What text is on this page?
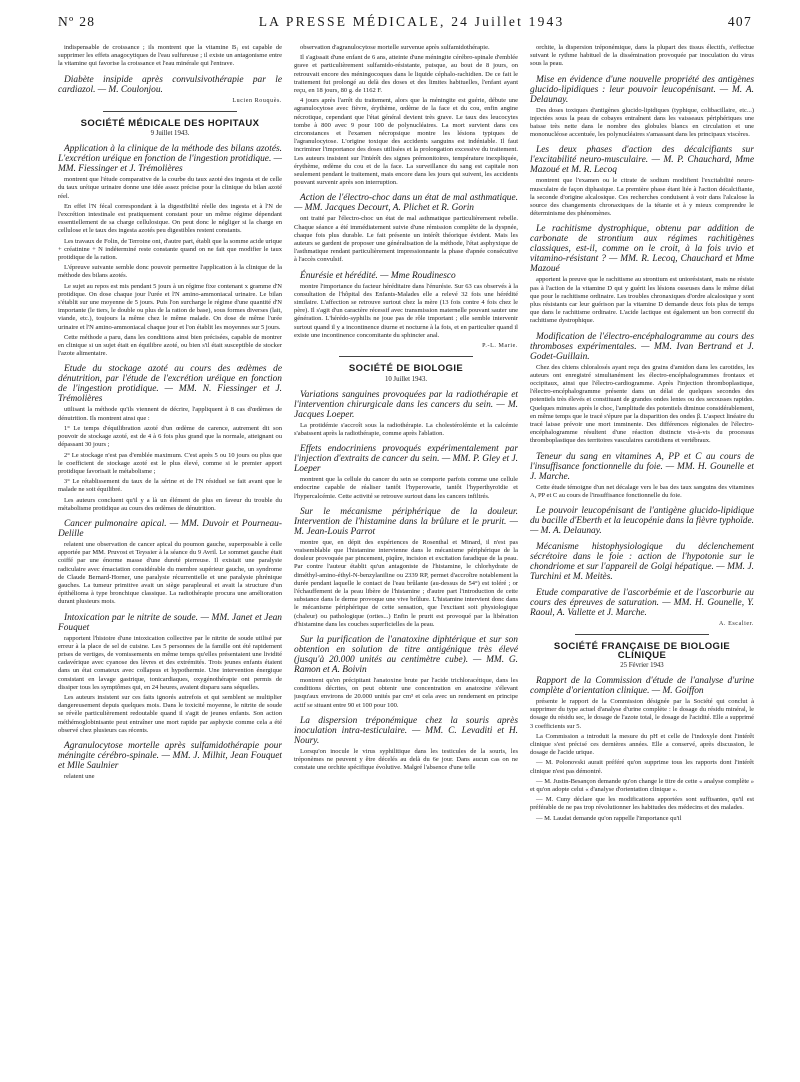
Nº 28	LA PRESSE MÉDICALE, 24 Juillet 1943	407

indispensable de croissance ; ils montrent que la vitamine B₁ est capable de supprimer les effets anagocytiques de l'eau sulfureuse ; il existe un antagonisme entre la vitamine qui favorise la croissance et l'eau minérale qui l'entrave.

Diabète insipide après convulsivothérapie par le cardiazol. — M. Coulonjou.

Lucien Rouquès.

SOCIÉTÉ MÉDICALE DES HOPITAUX

9 Juillet 1943.

Application à la clinique de la méthode des bilans azotés. L'excrétion uréique en fonction de l'ingestion protidique. — MM. Fiessinger et J. Trémolières

montrent que l'étude comparative de la courbe du taux azoté des ingesta et de celle du taux uréique urinaire donne une idée assez précise pour la clinique du bilan azoté réel.

En effet l'N fécal correspondant à la digestibilité réelle des ingesta et à l'N de l'excrétion intestinale est pratiquement constant pour un même régime dépendant essentiellement de sa charge cellulosique. On peut donc le négliger si la charge en cellulose et le taux des ingesta azotés peu digestibles restent constants.

Les travaux de Folin, de Terroine ont, d'autre part, établi que la somme acide urique + créatinine + N indéterminé reste constante quand on ne fait que modifier le taux protidique de la ration.

L'épreuve suivante semble donc pouvoir permettre l'application à la clinique de la méthode des bilans azotés.

Le sujet au repos est mis pendant 5 jours à un régime fixe contenant x gramme d'N protidique. On dose chaque jour l'urée et l'N amino-ammoniacal urinaire. Le bilan s'établit sur une moyenne de 5 jours. Puis l'on surcharge le régime d'une quantité d'N importante (le tiers, le double ou plus de la ration de base), sous formes diverses (lait, viande, etc.), toujours la même chez le même malade. On dose de même l'urée urinaire et l'N amino-ammoniacal chaque jour et l'on établit les moyennes sur 5 jours.

Cette méthode a paru, dans les conditions ainsi bien précisées, capable de montrer en clinique si un sujet était en équilibre azoté, ou bien s'il était susceptible de stocker l'azote alimentaire.

Etude du stockage azoté au cours des œdèmes de dénutrition, par l'étude de l'excrétion uréique en fonction de l'ingestion protidique. — MM. N. Fiessinger et J. Trémolières

utilisant la méthode qu'ils viennent de décrire, l'appliquent à 8 cas d'œdèmes de dénutrition. Ils montrent ainsi que :

1° Le temps d'équilibration azoté d'un œdème de carence, autrement dit son pouvoir de stockage azoté, est de 4 à 6 fois plus grand que la normale, atteignant ou dépassant 30 jours ;

2° Le stockage n'est pas d'emblée maximum. C'est après 5 ou 10 jours ou plus que le coefficient de stockage azoté est le plus élevé, comme si le premier apport protidique favorisait le métabolisme ;

3° Le rétablissement du taux de la sérine et de l'N résiduel se fait avant que le malade ne soit équilibré.

Les auteurs concluent qu'il y a là un élément de plus en faveur du trouble du métabolisme protidique au cours des œdèmes de dénutrition.

Cancer pulmonaire apical. — MM. Duvoir et Pourneau-Delille

relatent une observation de cancer apical du poumon gauche, superposable à celle apportée par MM. Pruvost et Teyssier à la séance du 9 Avril. Le sommet gauche était coiffé par une énorme masse d'une dureté pierreuse. Il existait une paralysie radiculaire avec émaciation considérable du membre supérieur gauche, un syndrome de Claude Bernard-Horner, une paralysie récurrentielle et une paralysie phrénique gauches. La tumeur primitive avait un siège parapleural et avait la structure d'un épithélioma à type bronchique classique. La radiothérapie procura une amélioration durant plusieurs mois.

Intoxication par le nitrite de soude. — MM. Janet et Jean Fouquet

rapportent l'histoire d'une intoxication collective par le nitrite de soude utilisé par erreur à la place de sel de cuisine. Les 5 personnes de la famille ont été rapidement prises de vertiges, de vomissements en même temps qu'elles présentaient une lividité cadavérique avec cyanose des lèvres et des extrémités. Trois jeunes enfants étaient dans un état comateux avec collapsus et hypothermie. Une intervention énergique consistant en lavage gastrique, tonicardiaques, oxygénothérapie ont permis de dissiper tous les symptômes qui, en 24 heures, avaient disparu sans séquelles.

Les auteurs insistent sur ces faits ignorés autrefois et qui semblent se multiplier dangereusement depuis quelques mois. Dans le toxicité moyenne, le nitrite de soude se révèle particulièrement redoutable quand il s'agit de jeunes enfants. Son action méthémoglobinisante peut entraîner une mort rapide par asphyxie comme cela a été observé chez plusieurs cas récents.

Agranulocytose mortelle après sulfamidothérapie pour méningite cérébro-spinale. — MM. J. Milhit, Jean Fouquet et Mlle Saulnier

relatent une

observation d'agranulocytose mortelle survenue après sulfamidothérapie.

Il s'agissait d'une enfant de 6 ans, atteinte d'une méningite cérébro-spinale d'emblée grave et particulièrement sulfamido-résistante, puisque, au bout de 8 jours, on retrouvait encore des méningocoques dans le liquide céphalo-rachidien. De ce fait le traitement fut prolongé au delà des doses et des limites habituelles, l'enfant ayant reçu, en 18 jours, 80 g. de 1162 F.

4 jours après l'arrêt du traitement, alors que la méningite est guérie, débute une agranulocytose avec fièvre, érythème, œdème de la face et du cou, enfin angine nécrotique, cependant que l'état général devient très grave. Le taux des leucocytes tombe à 800 avec 9 pour 100 de polynucléaires. La mort survient dans ces circonstances et l'examen nécropsique montre les lésions typiques de l'agranulocytose. L'origine toxique des accidents sanguins est indéniable. Il faut incriminer l'importance des doses utilisées et la prolongation excessive du traitement. Les auteurs insistent sur l'intérêt des signes prémonitoires, température inexpliquée, érythème, œdème du cou et de la face. La surveillance du sang est capitale non seulement pendant le traitement, mais encore dans les jours qui suivent, les accidents pouvant survenir après son interruption.

Action de l'électro-choc dans un état de mal asthmatique. — MM. Jacques Decourt, A. Plichet et R. Gorin

ont traité par l'électro-choc un état de mal asthmatique particulièrement rebelle. Chaque séance a été immédiatement suivie d'une rémission complète de la dyspnée, chaque fois plus durable. Le fait présente un intérêt théorique évident. Mais les auteurs se gardent de proposer une généralisation de la méthode, l'état asphyxique de l'asthmatique rendant particulièrement impressionnante la phase d'apnée consécutive à l'accès convulsif.

Énurésie et hérédité. — Mme Roudinesco

montre l'importance du facteur héréditaire dans l'énurésie. Sur 63 cas observés à la consultation de l'hôpital des Enfants-Malades elle a relevé 32 fois une hérédité similaire. L'affection se retrouve surtout chez la mère (13 fois contre 4 fois chez le père). Il s'agit d'un caractère récessif avec transmission maternelle pouvant sauter une génération. L'hérédo-syphilis ne joue pas de rôle important ; elle semble intervenir surtout quand il y a incontinence diurne et nocturne à la fois, et en particulier quand il existe une incontinence concomitante du sphincter anal.

P.-L. Marie.

SOCIÉTÉ DE BIOLOGIE

10 Juillet 1943.

Variations sanguines provoquées par la radiothérapie et l'intervention chirurgicale dans les cancers du sein. — M. Jacques Loeper.

La protidémie s'accroît sous la radiothérapie. La cholestérolémie et la calcémie s'abaissent après la radiothérapie, comme après l'ablation.

Effets endocriniens provoqués expérimentalement par l'injection d'extraits de cancer du sein. — MM. P. Gley et J. Loeper

montrent que la cellule du cancer du sein se comporte parfois comme une cellule endocrine capable de réaliser tantôt l'hyperovarie, tantôt l'hyperthyroïdie et l'hypercalcémie. Cette activité se retrouve surtout dans les cancers infiltrés.

Sur le mécanisme périphérique de la douleur. Intervention de l'histamine dans la brûlure et le prurit. — M. Jean-Louis Parrot

montre que, en dépit des expériences de Rosenthal et Minard, il n'est pas vraisemblable que l'histamine intervienne dans le mécanisme périphérique de la douleur provoquée par pincement, piqûre, incision et excitation faradique de la peau. Par contre l'auteur établit qu'un antagoniste de l'histamine, le chlorhydrate de diméthyl-amino-éthyl-N-benzylaniline ou 2339 RP, permet d'accroître notablement la durée pendant laquelle le contact de l'eau brûlante (au-dessus de 54°) est toléré ; or l'échauffement de la peau libère de l'histamine ; d'autre part l'introduction de cette substance dans le derme provoque une vive brûlure. L'histamine intervient donc dans le mécanisme périphérique de cette sensation, que l'excitant soit physiologique (chaleur) ou pathologique (orties...) Enfin le prurit est provoqué par la libération d'histamine dans les couches superficielles de la peau.

Sur la purification de l'anatoxine diphtérique et sur son obtention en solution de titre antigénique très élevé (jusqu'à 20.000 unités au centimètre cube). — MM. G. Ramon et A. Boivin

montrent qu'en précipitant l'anatoxine brute par l'acide trichloracétique, dans les conditions décrites, on peut obtenir une concentration en anatoxine s'élevant jusqu'aux environs de 20.000 unités par cm³ et cela avec un rendement en principe actif se situant entre 90 et 100 pour 100.

La dispersion tréponémique chez la souris après inoculation intra-testiculaire. — MM. C. Levaditi et H. Noury.

Lorsqu'on inocule le virus syphilitique dans les testicules de la souris, les tréponèmes ne peuvent y être décelés au delà du 6e jour. Dans aucun cas on ne constate une orchite spécifique évolutive. Malgré l'absence d'une telle

orchite, la dispersion tréponémique, dans la plupart des tissus électifs, s'effectue suivant le rythme habituel de la dissémination provoquée par inoculation du virus sous la peau.

Mise en évidence d'une nouvelle propriété des antigènes glucido-lipidiques : leur pouvoir leucopénisant. — M. A. Delaunay.

Des doses toxiques d'antigènes glucido-lipidiques (typhique, colibacillaire, etc...) injectées sous la peau de cobayes entraînent dans les vaisseaux périphériques une baisse très nette dans le nombre des globules blancs en circulation et une mononucléose accentuée, les polynucléaires s'amassant dans les principaux viscères.

Les deux phases d'action des décalcifiants sur l'excitabilité neuro-musculaire. — M. P. Chauchard, Mme Mazoué et M. R. Lecoq

montrent que l'examen ou le citrate de sodium modifient l'excitabilité neuro-musculaire de façon diphasique. La première phase étant liée à l'action décalcifiante, la seconde d'origine alcalosique. Ces recherches conduisent à voir dans l'alcalose la source des changements chronaxiques de la tétanie et à y mieux comprendre le déterminisme des phénomènes.

Le rachitisme dystrophique, obtenu par addition de carbonate de strontium aux régimes rachitigènes classiques, est-il, comme on le croit, à la fois uvio et vitamino-résistant ? — MM. R. Lecoq, Chauchard et Mme Mazoué

apportent la preuve que le rachitisme au strontium est uniorésistant, mais ne résiste pas à l'action de la vitamine D qui y guérit les lésions osseuses dans le même délai que pour le rachitisme ordinaire. Les troubles chronaxiques d'ordre alcalosique y sont plus résistants car leur guérison par la vitamine D demande deux fois plus de temps que dans le rachitisme ordinaire. L'acide lactique est également un bon correctif du rachitisme dystrophique.

Modification de l'électro-encéphalogramme au cours des thromboses expérimentales. — MM. Ivan Bertrand et J. Godet-Guillain.

Chez des chiens chloralosés ayant reçu des grains d'amidon dans les carotides, les auteurs ont enregistré simultanément les électro-encéphalogrammes frontaux et occipitaux, ainsi que l'électro-cardiogramme. Après l'injection thromboplastique, l'électro-encéphalogramme présente dans un délai de quelques secondes des potentiels très élevés et constituant de grandes ondes lentes ou des secousses rapides. Quelques minutes après le choc, l'amplitude des potentiels diminue considérablement, en même temps que le tracé s'épure par la disparition des ondes β. L'aspect linéaire du tracé laisse prévoir une mort imminente. Des différences régionales de l'électro-encéphalogramme résultent d'une réaction distincte vis-à-vis du processus thromboplastique des territoires vasculaires carotidiens et vertébraux.

Teneur du sang en vitamines A, PP et C au cours de l'insuffisance fonctionnelle du foie. — MM. H. Gounelle et J. Marche.

Cette étude témoigne d'un net décalage vers le bas des taux sanguins des vitamines A, PP et C au cours de l'insuffisance fonctionnelle du foie.

Le pouvoir leucopénisant de l'antigène glucido-lipidique du bacille d'Eberth et la leucopénie dans la fièvre typhoïde. — M. A. Delaunay.

Mécanisme histophysiologique du déclenchement sécrétoire dans le foie : action de l'hypotonie sur le chondriome et sur l'appareil de Golgi hépatique. — MM. J. Turchini et M. Meitès.

Etude comparative de l'ascorbémie et de l'ascorburie au cours des épreuves de saturation. — MM. H. Gounelle, Y. Raoul, A. Vallette et J. Marche.

A. Escalier.

SOCIÉTÉ FRANÇAISE DE BIOLOGIE CLINIQUE

25 Février 1943

Rapport de la Commission d'étude de l'analyse d'urine complète d'orientation clinique. — M. Goiffon

présente le rapport de la Commission désignée par la Société qui conclut à supprimer du type actuel d'analyse d'urine complète : le dosage du résidu minéral, le dosage du résidu sec, le dosage de l'azote total, le dosage de l'acidité. Elle a supprimé 3 coefficients sur 5.

La Commission a introduit la mesure du pH et celle de l'indoxyle dont l'intérêt clinique s'est précisé ces dernières années. Elle a conservé, après discussion, le dosage de l'acide urique.

— M. Polonovski aurait préféré qu'on supprime tous les rapports dont l'intérêt clinique n'est pas démontré.

— M. Justin-Besançon demande qu'on change le titre de cette « analyse complète » et qu'on adopte celui « d'analyse d'orientation clinique ».

— M. Cuny déclare que les modifications apportées sont suffisantes, qu'il est préférable de ne pas trop révolutionner les habitudes des médecins et des malades.

— M. Laudat demande qu'on rappelle l'importance qu'il
